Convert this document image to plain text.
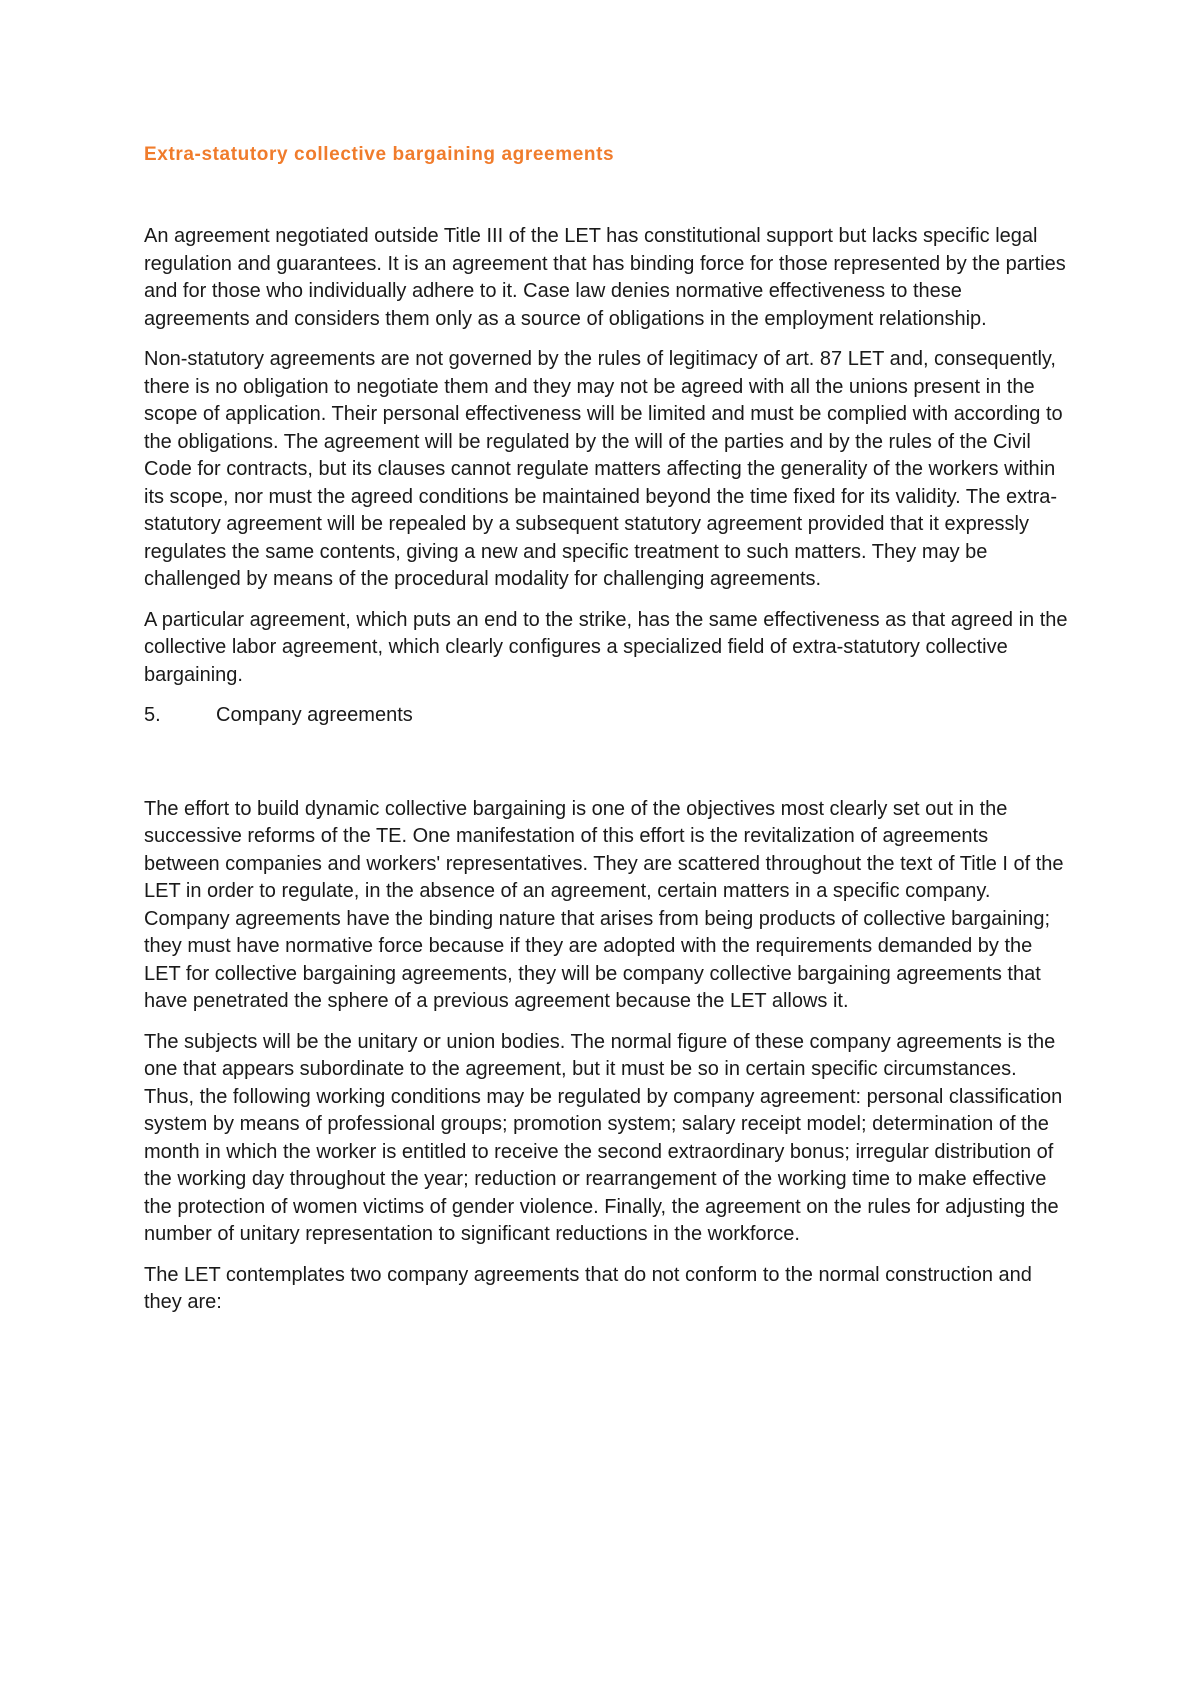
Extra-statutory collective bargaining agreements

An agreement negotiated outside Title III of the LET has constitutional support but lacks specific legal regulation and guarantees. It is an agreement that has binding force for those represented by the parties and for those who individually adhere to it. Case law denies normative effectiveness to these agreements and considers them only as a source of obligations in the employment relationship.

Non-statutory agreements are not governed by the rules of legitimacy of art. 87 LET and, consequently, there is no obligation to negotiate them and they may not be agreed with all the unions present in the scope of application. Their personal effectiveness will be limited and must be complied with according to the obligations. The agreement will be regulated by the will of the parties and by the rules of the Civil Code for contracts, but its clauses cannot regulate matters affecting the generality of the workers within its scope, nor must the agreed conditions be maintained beyond the time fixed for its validity. The extra-statutory agreement will be repealed by a subsequent statutory agreement provided that it expressly regulates the same contents, giving a new and specific treatment to such matters. They may be challenged by means of the procedural modality for challenging agreements.

A particular agreement, which puts an end to the strike, has the same effectiveness as that agreed in the collective labor agreement, which clearly configures a specialized field of extra-statutory collective bargaining.

5.	Company agreements

The effort to build dynamic collective bargaining is one of the objectives most clearly set out in the successive reforms of the TE. One manifestation of this effort is the revitalization of agreements between companies and workers' representatives. They are scattered throughout the text of Title I of the LET in order to regulate, in the absence of an agreement, certain matters in a specific company. Company agreements have the binding nature that arises from being products of collective bargaining; they must have normative force because if they are adopted with the requirements demanded by the LET for collective bargaining agreements, they will be company collective bargaining agreements that have penetrated the sphere of a previous agreement because the LET allows it.

The subjects will be the unitary or union bodies. The normal figure of these company agreements is the one that appears subordinate to the agreement, but it must be so in certain specific circumstances. Thus, the following working conditions may be regulated by company agreement: personal classification system by means of professional groups; promotion system; salary receipt model; determination of the month in which the worker is entitled to receive the second extraordinary bonus; irregular distribution of the working day throughout the year; reduction or rearrangement of the working time to make effective the protection of women victims of gender violence. Finally, the agreement on the rules for adjusting the number of unitary representation to significant reductions in the workforce.

The LET contemplates two company agreements that do not conform to the normal construction and they are:
